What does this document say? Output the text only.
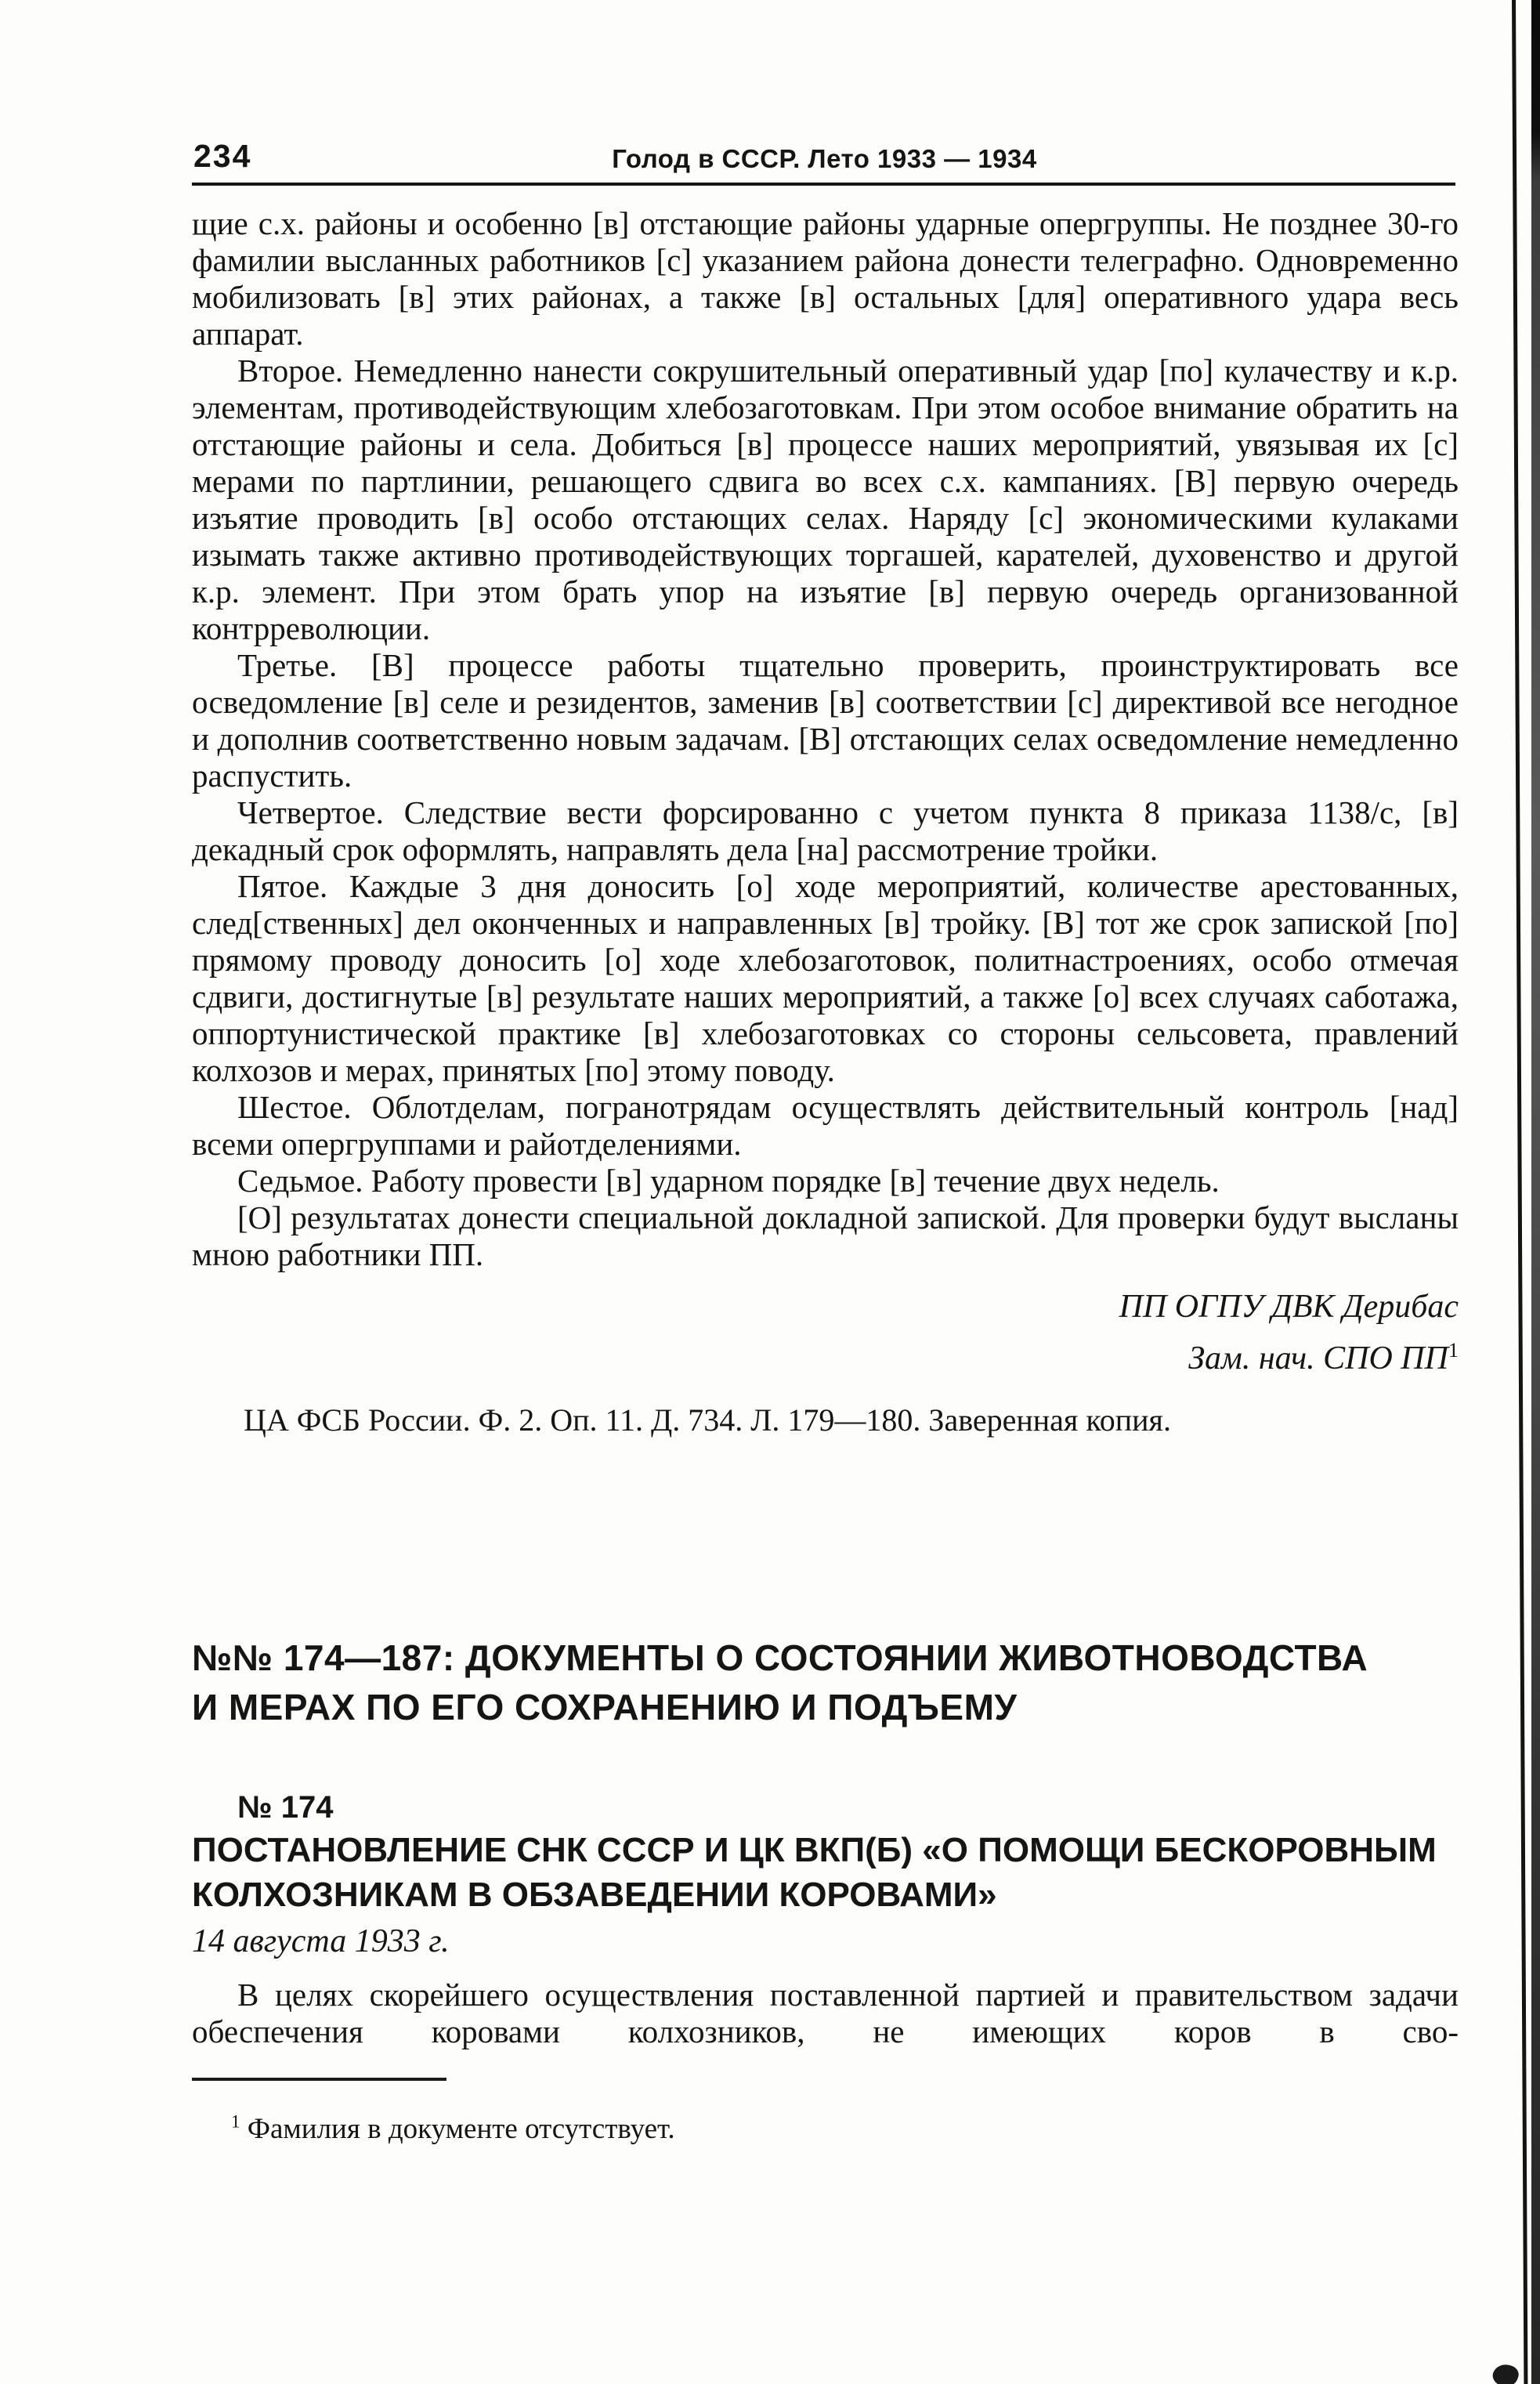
234	Голод в СССР. Лето 1933 — 1934

щие с.х. районы и особенно [в] отстающие районы ударные опергруппы. Не позднее 30-го фамилии высланных работников [с] указанием района донести телеграфно. Одновременно мобилизовать [в] этих районах, а также [в] остальных [для] оперативного удара весь аппарат.

Второе. Немедленно нанести сокрушительный оперативный удар [по] кулачеству и к.р. элементам, противодействующим хлебозаготовкам. При этом особое внимание обратить на отстающие районы и села. Добиться [в] процессе наших мероприятий, увязывая их [с] мерами по партлинии, решающего сдвига во всех с.х. кампаниях. [В] первую очередь изъятие проводить [в] особо отстающих селах. Наряду [с] экономическими кулаками изымать также активно противодействующих торгашей, карателей, духовенство и другой к.р. элемент. При этом брать упор на изъятие [в] первую очередь организованной контрреволюции.

Третье. [В] процессе работы тщательно проверить, проинструктировать все осведомление [в] селе и резидентов, заменив [в] соответствии [с] директивой все негодное и дополнив соответственно новым задачам. [В] отстающих селах осведомление немедленно распустить.

Четвертое. Следствие вести форсированно с учетом пункта 8 приказа 1138/с, [в] декадный срок оформлять, направлять дела [на] рассмотрение тройки.

Пятое. Каждые 3 дня доносить [о] ходе мероприятий, количестве арестованных, след[ственных] дел оконченных и направленных [в] тройку. [В] тот же срок запиской [по] прямому проводу доносить [о] ходе хлебозаготовок, политнастроениях, особо отмечая сдвиги, достигнутые [в] результате наших мероприятий, а также [о] всех случаях саботажа, оппортунистической практике [в] хлебозаготовках со стороны сельсовета, правлений колхозов и мерах, принятых [по] этому поводу.

Шестое. Облотделам, погранотрядам осуществлять действительный контроль [над] всеми опергруппами и райотделениями.

Седьмое. Работу провести [в] ударном порядке [в] течение двух недель.

[О] результатах донести специальной докладной запиской. Для проверки будут высланы мною работники ПП.

ПП ОГПУ ДВК Дерибас

Зам. нач. СПО ПП$^1$

ЦА ФСБ России. Ф. 2. Оп. 11. Д. 734. Л. 179—180. Заверенная копия.

№№ 174—187: ДОКУМЕНТЫ О СОСТОЯНИИ ЖИВОТНОВОДСТВА
И МЕРАХ ПО ЕГО СОХРАНЕНИЮ И ПОДЪЕМУ
№ 174
ПОСТАНОВЛЕНИЕ СНК СССР И ЦК ВКП(Б) «О ПОМОЩИ БЕСКОРОВНЫМ
КОЛХОЗНИКАМ В ОБЗАВЕДЕНИИ КОРОВАМИ»
14 августа 1933 г.

В целях скорейшего осуществления поставленной партией и правительством задачи обеспечения коровами колхозников, не имеющих коров в сво-

$^1$ Фамилия в документе отсутствует.
